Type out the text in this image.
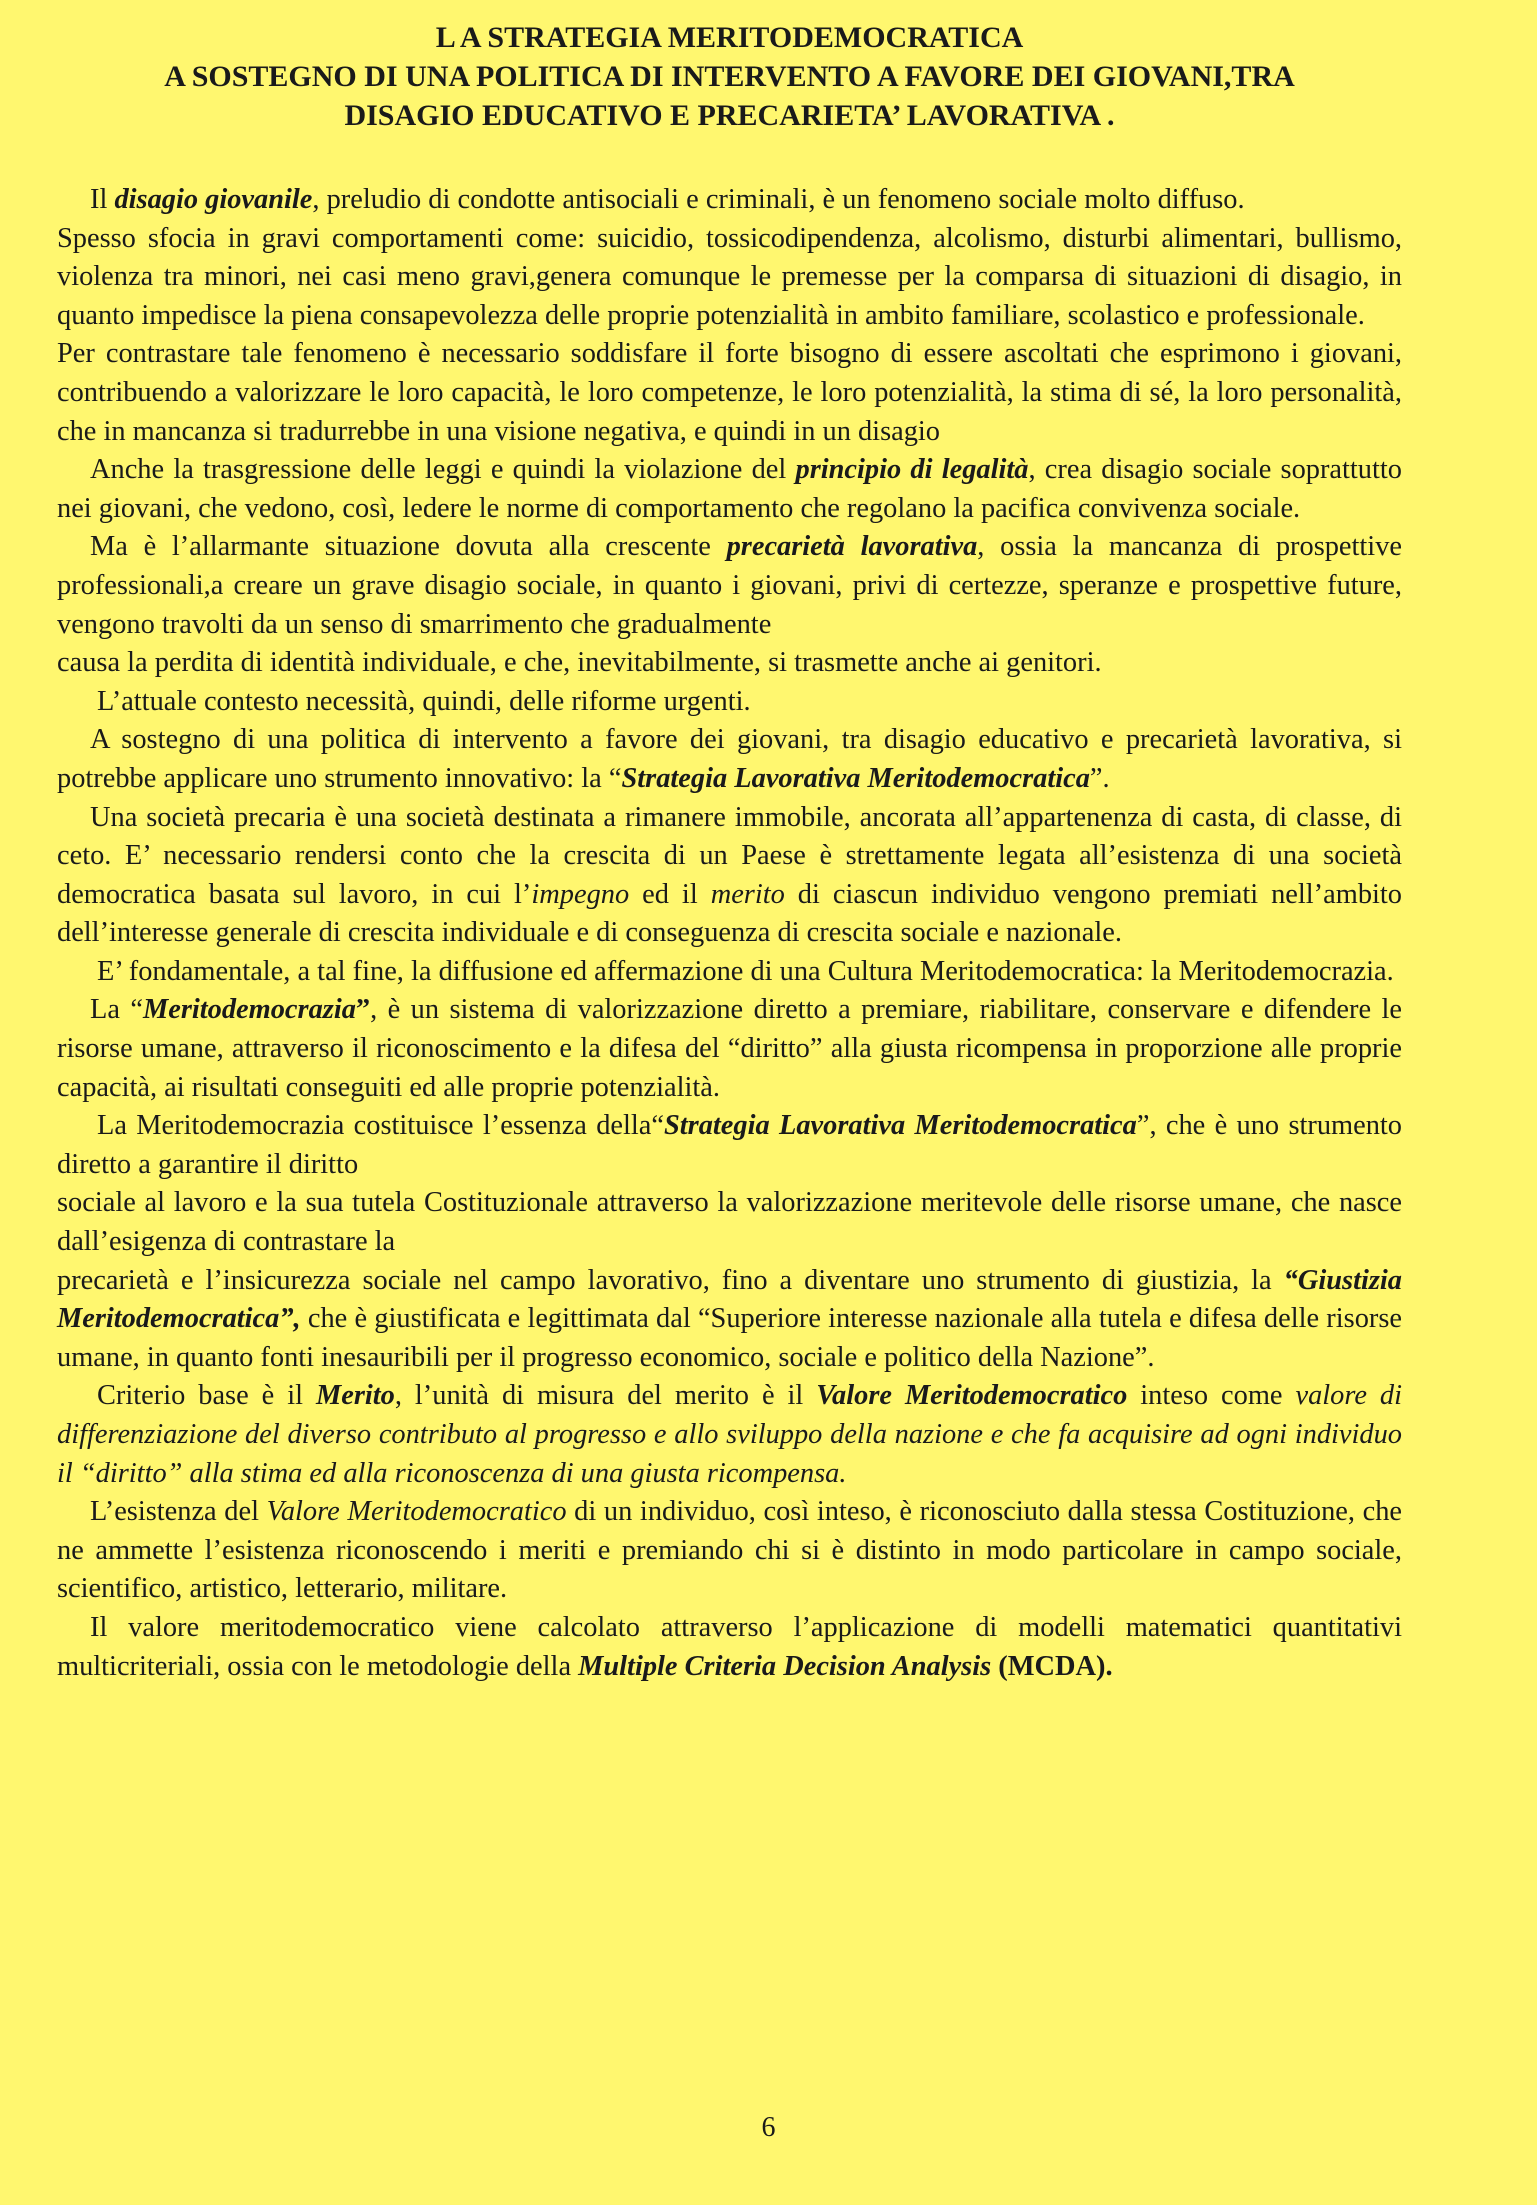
L A STRATEGIA MERITODEMOCRATICA
A SOSTEGNO DI UNA POLITICA DI INTERVENTO A FAVORE DEI GIOVANI,TRA
DISAGIO EDUCATIVO E PRECARIETA’ LAVORATIVA .

Il disagio giovanile, preludio di condotte antisociali e criminali, è un fenomeno sociale molto diffuso.

Spesso sfocia in gravi comportamenti come: suicidio, tossicodipendenza, alcolismo, disturbi alimentari, bullismo, violenza tra minori, nei casi meno gravi,genera comunque le premesse per la comparsa di situazioni di disagio, in quanto impedisce la piena consapevolezza delle proprie potenzialità in ambito familiare, scolastico e professionale.

Per contrastare tale fenomeno è necessario soddisfare il forte bisogno di essere ascoltati che esprimono i giovani, contribuendo a valorizzare le loro capacità, le loro competenze, le loro potenzialità, la stima di sé, la loro personalità, che in mancanza si tradurrebbe in una visione negativa, e quindi in un disagio

Anche la trasgressione delle leggi e quindi la violazione del principio di legalità, crea disagio sociale soprattutto nei giovani, che vedono, così, ledere le norme di comportamento che regolano la pacifica convivenza sociale.

Ma è l’allarmante situazione dovuta alla crescente precarietà lavorativa, ossia la mancanza di prospettive professionali,a creare un grave disagio sociale, in quanto i giovani, privi di certezze, speranze e prospettive future, vengono travolti da un senso di smarrimento che gradualmente

causa la perdita di identità individuale, e che, inevitabilmente, si trasmette anche ai genitori.

L’attuale contesto necessità, quindi, delle riforme urgenti.

A sostegno di una politica di intervento a favore dei giovani, tra disagio educativo e precarietà lavorativa, si potrebbe applicare uno strumento innovativo: la “Strategia Lavorativa Meritodemocratica”.

Una società precaria è una società destinata a rimanere immobile, ancorata all’appartenenza di casta, di classe, di ceto. E’ necessario rendersi conto che la crescita di un Paese è strettamente legata all’esistenza di una società democratica basata sul lavoro, in cui l’impegno ed il merito di ciascun individuo vengono premiati nell’ambito dell’interesse generale di crescita individuale e di conseguenza di crescita sociale e nazionale.

E’ fondamentale, a tal fine, la diffusione ed affermazione di una Cultura Meritodemocratica: la Meritodemocrazia.

La “Meritodemocrazia”, è un sistema di valorizzazione diretto a premiare, riabilitare, conservare e difendere le risorse umane, attraverso il riconoscimento e la difesa del “diritto” alla giusta ricompensa in proporzione alle proprie capacità, ai risultati conseguiti ed alle proprie potenzialità.

La Meritodemocrazia costituisce l’essenza della“Strategia Lavorativa Meritodemocratica”, che è uno strumento diretto a garantire il diritto

sociale al lavoro e la sua tutela Costituzionale attraverso la valorizzazione meritevole delle risorse umane, che nasce dall’esigenza di contrastare la

precarietà e l’insicurezza sociale nel campo lavorativo, fino a diventare uno strumento di giustizia, la “Giustizia Meritodemocratica”, che è giustificata e legittimata dal “Superiore interesse nazionale alla tutela e difesa delle risorse umane, in quanto fonti inesauribili per il progresso economico, sociale e politico della Nazione”.

Criterio base è il Merito, l’unità di misura del merito è il Valore Meritodemocratico inteso come valore di differenziazione del diverso contributo al progresso e allo sviluppo della nazione e che fa acquisire ad ogni individuo il “diritto” alla stima ed alla riconoscenza di una giusta ricompensa.

L’esistenza del Valore Meritodemocratico di un individuo, così inteso, è riconosciuto dalla stessa Costituzione, che ne ammette l’esistenza riconoscendo i meriti e premiando chi si è distinto in modo particolare in campo sociale, scientifico, artistico, letterario, militare.

Il valore meritodemocratico viene calcolato attraverso l’applicazione di modelli matematici quantitativi multicriteriali, ossia con le metodologie della Multiple Criteria Decision Analysis (MCDA).

6
